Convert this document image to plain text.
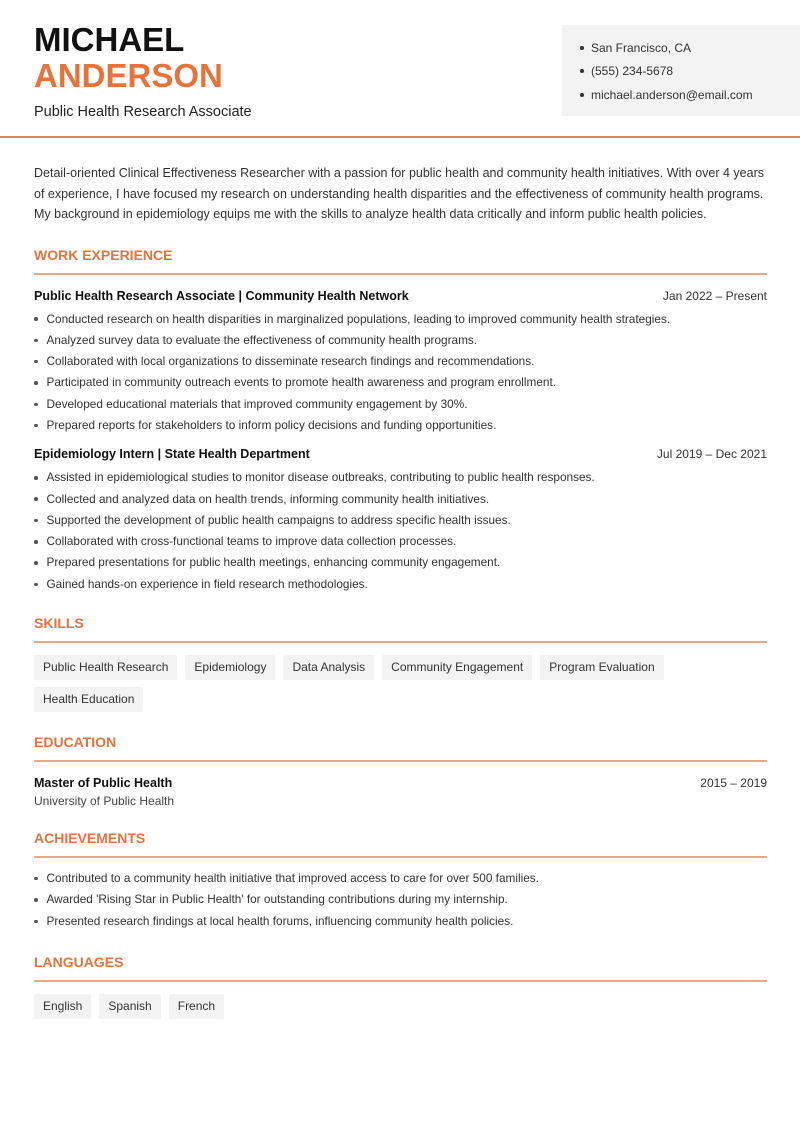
MICHAEL
ANDERSON
Public Health Research Associate
San Francisco, CA
(555) 234-5678
michael.anderson@email.com

Detail-oriented Clinical Effectiveness Researcher with a passion for public health and community health initiatives. With over 4 years of experience, I have focused my research on understanding health disparities and the effectiveness of community health programs. My background in epidemiology equips me with the skills to analyze health data critically and inform public health policies.

WORK EXPERIENCE
Public Health Research Associate | Community Health Network	Jan 2022 – Present
Conducted research on health disparities in marginalized populations, leading to improved community health strategies.
Analyzed survey data to evaluate the effectiveness of community health programs.
Collaborated with local organizations to disseminate research findings and recommendations.
Participated in community outreach events to promote health awareness and program enrollment.
Developed educational materials that improved community engagement by 30%.
Prepared reports for stakeholders to inform policy decisions and funding opportunities.
Epidemiology Intern | State Health Department	Jul 2019 – Dec 2021
Assisted in epidemiological studies to monitor disease outbreaks, contributing to public health responses.
Collected and analyzed data on health trends, informing community health initiatives.
Supported the development of public health campaigns to address specific health issues.
Collaborated with cross-functional teams to improve data collection processes.
Prepared presentations for public health meetings, enhancing community engagement.
Gained hands-on experience in field research methodologies.
SKILLS
Public Health Research	Epidemiology	Data Analysis	Community Engagement	Program Evaluation
Health Education
EDUCATION
Master of Public Health	2015 – 2019
University of Public Health
ACHIEVEMENTS
Contributed to a community health initiative that improved access to care for over 500 families.
Awarded 'Rising Star in Public Health' for outstanding contributions during my internship.
Presented research findings at local health forums, influencing community health policies.
LANGUAGES
English	Spanish	French
